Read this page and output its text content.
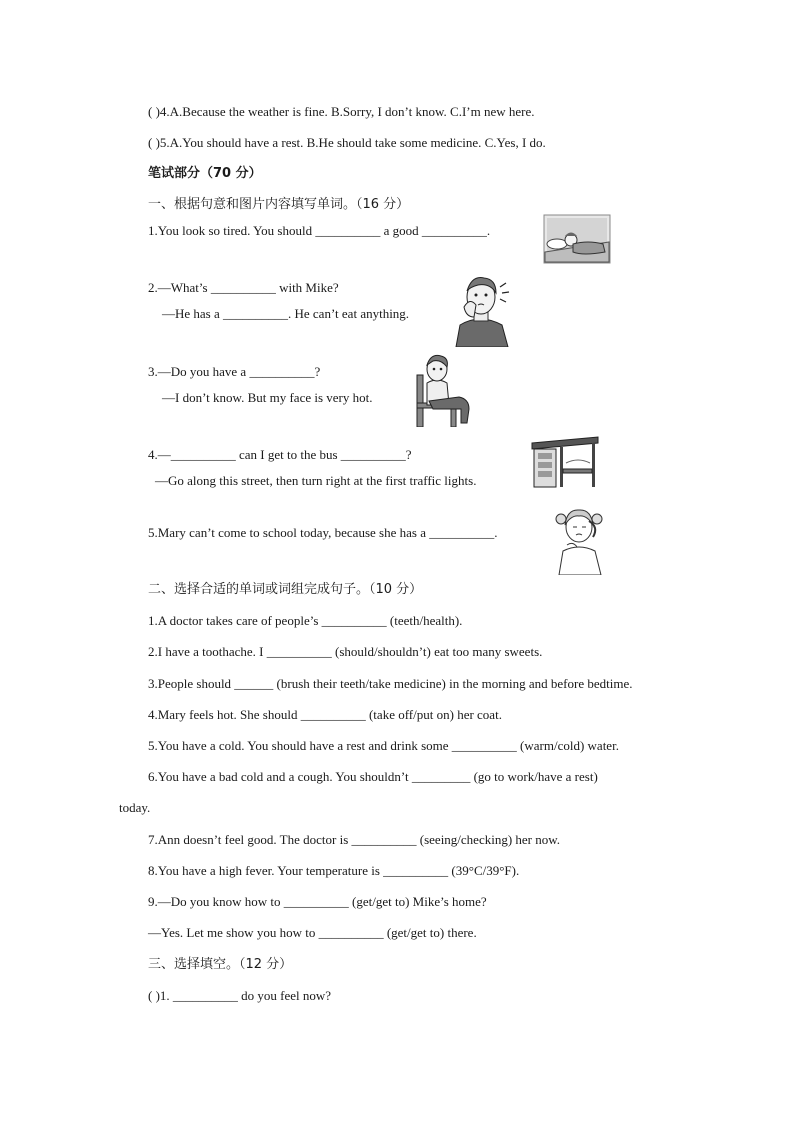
( )4.A.Because the weather is fine. B.Sorry, I don’t know. C.I’m new here.
( )5.A.You should have a rest. B.He should take some medicine. C.Yes, I do.
笔试部分（70 分）
一、根据句意和图片内容填写单词。（16 分）
1.You look so tired. You should __________ a good __________.
2.—What’s __________ with Mike?
—He has a __________. He can’t eat anything.
3.—Do you have a __________?
—I don’t know. But my face is very hot.
4.—__________ can I get to the bus __________?
—Go along this street, then turn right at the first traffic lights.
5.Mary can’t come to school today, because she has a __________.
二、选择合适的单词或词组完成句子。（10 分）
1.A doctor takes care of people’s __________ (teeth/health).
2.I have a toothache. I __________ (should/shouldn’t) eat too many sweets.
3.People should ______ (brush their teeth/take medicine) in the morning and before bedtime.
4.Mary feels hot. She should __________ (take off/put on) her coat.
5.You have a cold. You should have a rest and drink some __________ (warm/cold) water.
6.You have a bad cold and a cough. You shouldn’t _________ (go to work/have a rest)
today.
7.Ann doesn’t feel good. The doctor is __________ (seeing/checking) her now.
8.You have a high fever. Your temperature is __________ (39°C/39°F).
9.—Do you know how to __________ (get/get to) Mike’s home?
—Yes. Let me show you how to __________ (get/get to) there.
三、选择填空。（12 分）
( )1. __________ do you feel now?
